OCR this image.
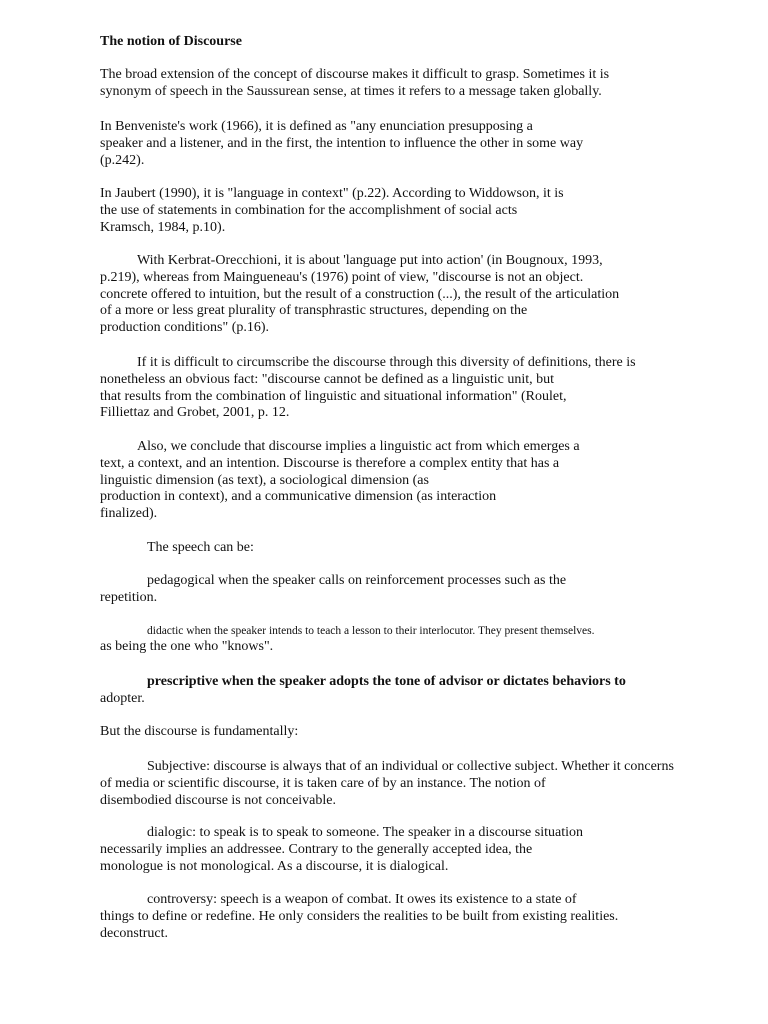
The notion of Discourse
The broad extension of the concept of discourse makes it difficult to grasp. Sometimes it is
synonym of speech in the Saussurean sense, at times it refers to a message taken globally.
In Benveniste's work (1966), it is defined as "any enunciation presupposing a
speaker and a listener, and in the first, the intention to influence the other in some way
(p.242).
In Jaubert (1990), it is "language in context" (p.22). According to Widdowson, it is
the use of statements in combination for the accomplishment of social acts
Kramsch, 1984, p.10).
With Kerbrat-Orecchioni, it is about 'language put into action' (in Bougnoux, 1993,
p.219), whereas from Maingueneau's (1976) point of view, "discourse is not an object.
concrete offered to intuition, but the result of a construction (...), the result of the articulation
of a more or less great plurality of transphrastic structures, depending on the
production conditions" (p.16).
If it is difficult to circumscribe the discourse through this diversity of definitions, there is
nonetheless an obvious fact: "discourse cannot be defined as a linguistic unit, but
that results from the combination of linguistic and situational information" (Roulet,
Filliettaz and Grobet, 2001, p. 12.
Also, we conclude that discourse implies a linguistic act from which emerges a
text, a context, and an intention. Discourse is therefore a complex entity that has a
linguistic dimension (as text), a sociological dimension (as
production in context), and a communicative dimension (as interaction
finalized).
The speech can be:
pedagogical when the speaker calls on reinforcement processes such as the
repetition.
didactic when the speaker intends to teach a lesson to their interlocutor. They present themselves.
as being the one who "knows".
prescriptive when the speaker adopts the tone of advisor or dictates behaviors to
adopter.
But the discourse is fundamentally:
Subjective: discourse is always that of an individual or collective subject. Whether it concerns
of media or scientific discourse, it is taken care of by an instance. The notion of
disembodied discourse is not conceivable.
dialogic: to speak is to speak to someone. The speaker in a discourse situation
necessarily implies an addressee. Contrary to the generally accepted idea, the
monologue is not monological. As a discourse, it is dialogical.
controversy: speech is a weapon of combat. It owes its existence to a state of
things to define or redefine. He only considers the realities to be built from existing realities.
deconstruct.
